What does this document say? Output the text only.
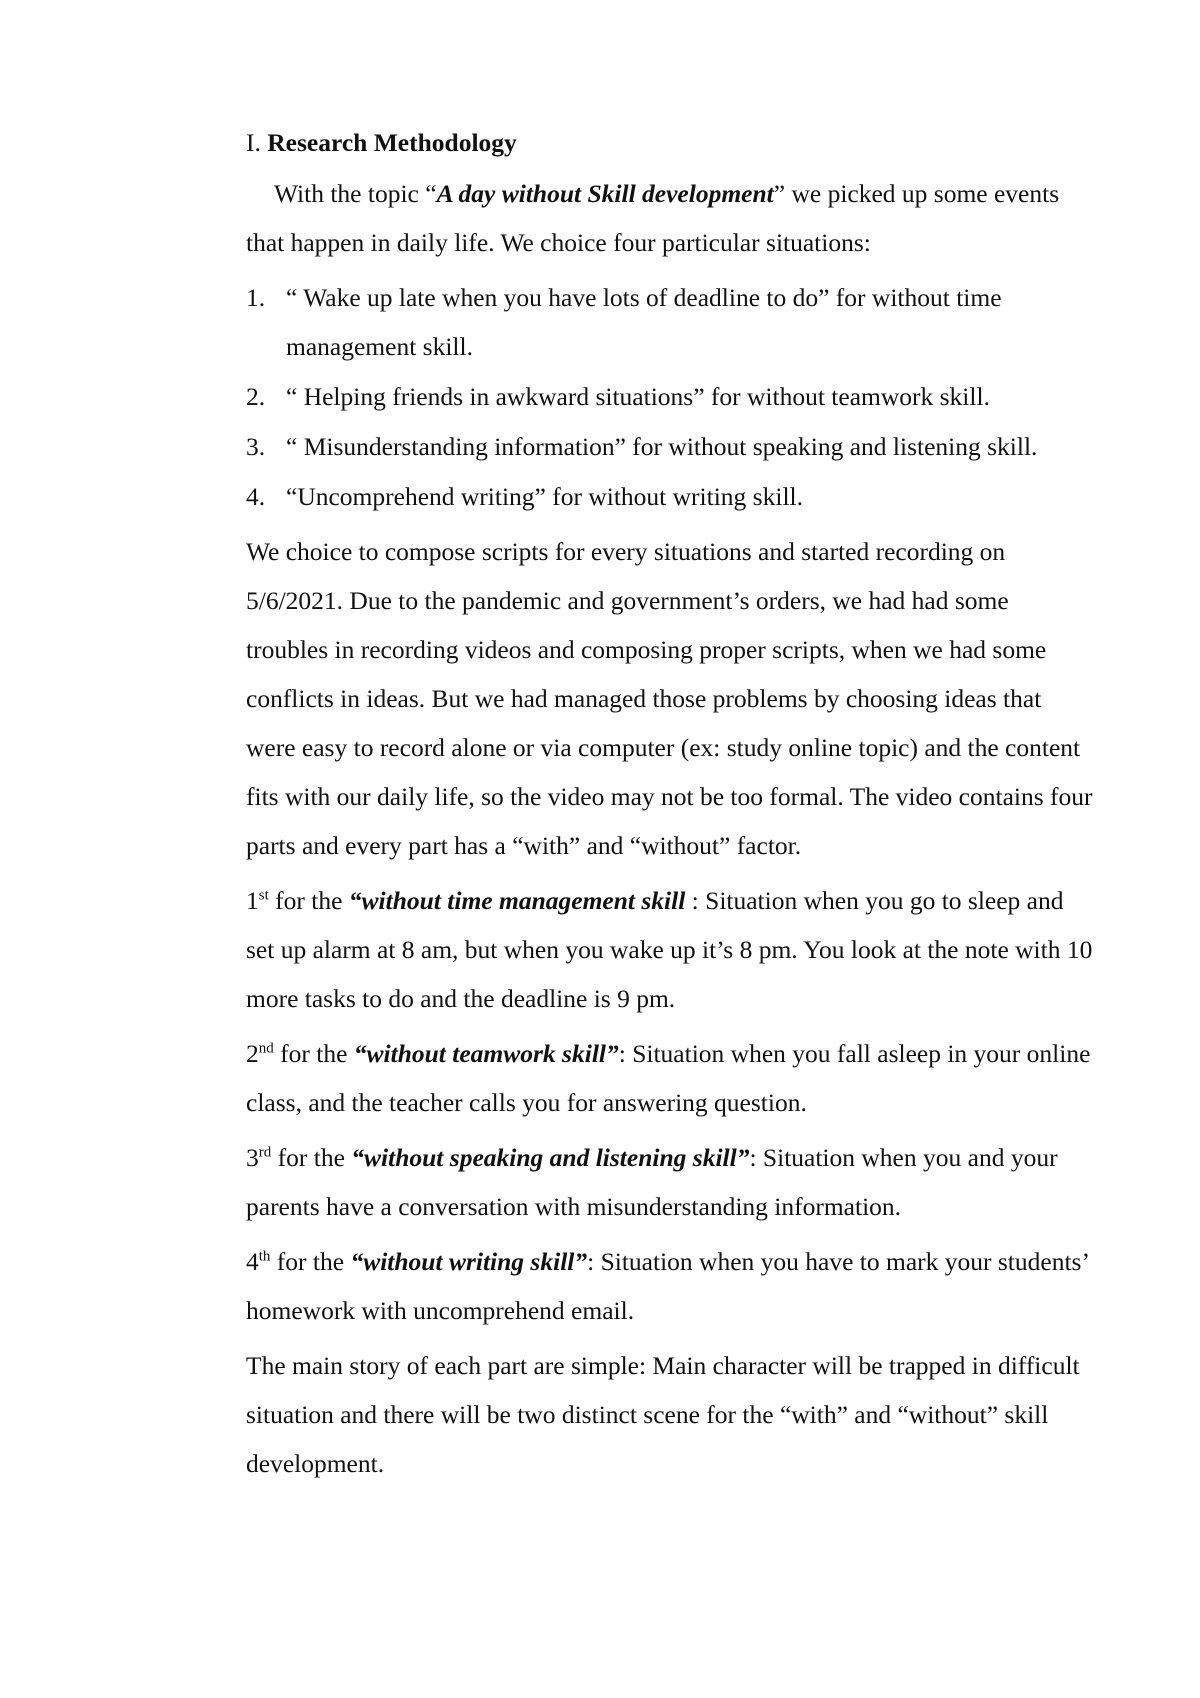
I. Research Methodology

With the topic “A day without Skill development” we picked up some events that happen in daily life. We choice four particular situations:

1. “ Wake up late when you have lots of deadline to do” for without time management skill.
2. “ Helping friends in awkward situations” for without teamwork skill.
3. “ Misunderstanding information” for without speaking and listening skill.
4. “Uncomprehend writing” for without writing skill.

We choice to compose scripts for every situations and started recording on 5/6/2021. Due to the pandemic and government’s orders, we had had some troubles in recording videos and composing proper scripts, when we had some conflicts in ideas. But we had managed those problems by choosing ideas that were easy to record alone or via computer (ex: study online topic) and the content fits with our daily life, so the video may not be too formal. The video contains four parts and every part has a “with” and “without” factor.

1st for the “without time management skill : Situation when you go to sleep and set up alarm at 8 am, but when you wake up it’s 8 pm. You look at the note with 10 more tasks to do and the deadline is 9 pm.

2nd for the “without teamwork skill”: Situation when you fall asleep in your online class, and the teacher calls you for answering question.

3rd for the “without speaking and listening skill”: Situation when you and your parents have a conversation with misunderstanding information.

4th for the “without writing skill”: Situation when you have to mark your students’ homework with uncomprehend email.

The main story of each part are simple: Main character will be trapped in difficult situation and there will be two distinct scene for the “with” and “without” skill development.
